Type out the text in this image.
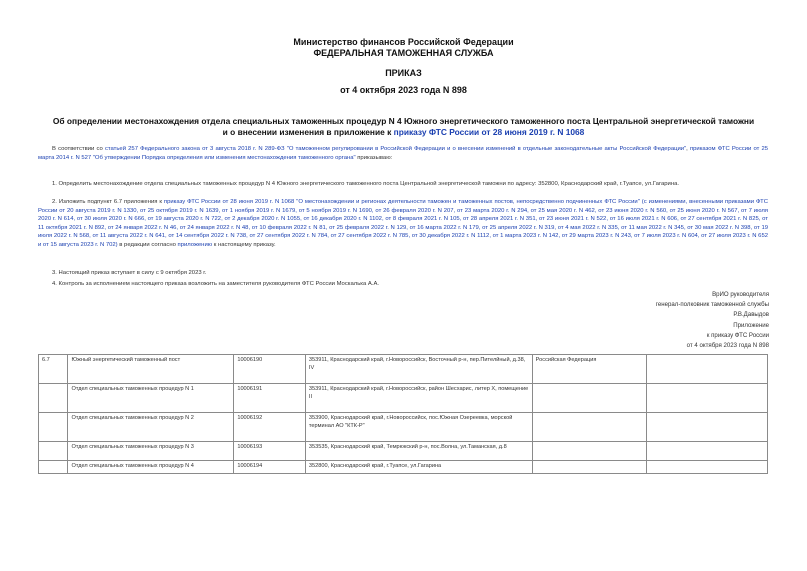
Министерство финансов Российской Федерации
ФЕДЕРАЛЬНАЯ ТАМОЖЕННАЯ СЛУЖБА
ПРИКАЗ
от 4 октября 2023 года N 898
Об определении местонахождения отдела специальных таможенных процедур N 4 Южного энергетического таможенного поста Центральной энергетической таможни и о внесении изменения в приложение к приказу ФТС России от 28 июня 2019 г. N 1068
В соответствии со статьей 257 Федерального закона от 3 августа 2018 г. N 289-ФЗ "О таможенном регулировании в Российской Федерации и о внесении изменений в отдельные законодательные акты Российской Федерации", приказом ФТС России от 25 марта 2014 г. N 527 "Об утверждении Порядка определения или изменения местонахождения таможенного органа" приказываю:
1. Определить местонахождение отдела специальных таможенных процедур N 4 Южного энергетического таможенного поста Центральной энергетической таможни по адресу: 352800, Краснодарский край, г.Туапсе, ул.Гагарина.
2. Изложить подпункт 6.7 приложения к приказу ФТС России от 28 июня 2019 г. N 1068 "О местонахождении и регионах деятельности таможен и таможенных постов, непосредственно подчиненных ФТС России" (с изменениями, внесенными приказами ФТС России от 20 августа 2019 г. N 1330, от 25 октября 2019 г. N 1639, от 1 ноября 2019 г. N 1679, от 5 ноября 2019 г. N 1690, от 26 февраля 2020 г. N 207, от 23 марта 2020 г. N 294, от 25 мая 2020 г. N 462, от 23 июня 2020 г. N 560, от 25 июня 2020 г. N 567, от 7 июля 2020 г. N 614, от 30 июля 2020 г. N 666, от 19 августа 2020 г. N 722, от 2 декабря 2020 г. N 1055, от 16 декабря 2020 г. N 1102, от 8 февраля 2021 г. N 105, от 28 апреля 2021 г. N 351, от 23 июня 2021 г. N 522, от 16 июля 2021 г. N 606, от 27 сентября 2021 г. N 825, от 11 октября 2021 г. N 892, от 24 января 2022 г. N 46, от 24 января 2022 г. N 48, от 10 февраля 2022 г. N 81, от 25 февраля 2022 г. N 129, от 16 марта 2022 г. N 179, от 25 апреля 2022 г. N 319, от 4 мая 2022 г. N 335, от 11 мая 2022 г. N 345, от 30 мая 2022 г. N 398, от 19 июля 2022 г. N 568, от 11 августа 2022 г. N 641, от 14 сентября 2022 г. N 738, от 27 сентября 2022 г. N 784, от 27 сентября 2022 г. N 785, от 30 декабря 2022 г. N 1112, от 1 марта 2023 г. N 142, от 29 марта 2023 г. N 243, от 7 июля 2023 г. N 604, от 27 июля 2023 г. N 652 и от 15 августа 2023 г. N 702) в редакции согласно приложению к настоящему приказу.
3. Настоящий приказ вступает в силу с 9 октября 2023 г.
4. Контроль за исполнением настоящего приказа возложить на заместителя руководителя ФТС России Москалька А.А.
ВрИО руководителя
генерал-полковник таможенной службы
Р.В.Давыдов
Приложение
к приказу ФТС России
от 4 октября 2023 года N 898
6.7	Южный энергетический таможенный пост	10006190	353911, Краснодарский край, г.Новороссийск, Восточный р-н, пер.Пителйный, д.38, IV	Российская Федерация	
	Отдел специальных таможенных процедур N 1	10006191	353911, Краснодарский край, г.Новороссийск, район Шесхарис, литер Х, помещение II		
	Отдел специальных таможенных процедур N 2	10006192	353900, Краснодарский край, г.Новороссийск, пос.Южная Озереевка, морской терминал АО "КТК-Р"		
	Отдел специальных таможенных процедур N 3	10006193	353535, Краснодарский край, Темрюкский р-н, пос.Волна, ул.Таманская, д.8		
	Отдел специальных таможенных процедур N 4	10006194	352800, Краснодарский край, г.Туапсе, ул.Гагарина		
